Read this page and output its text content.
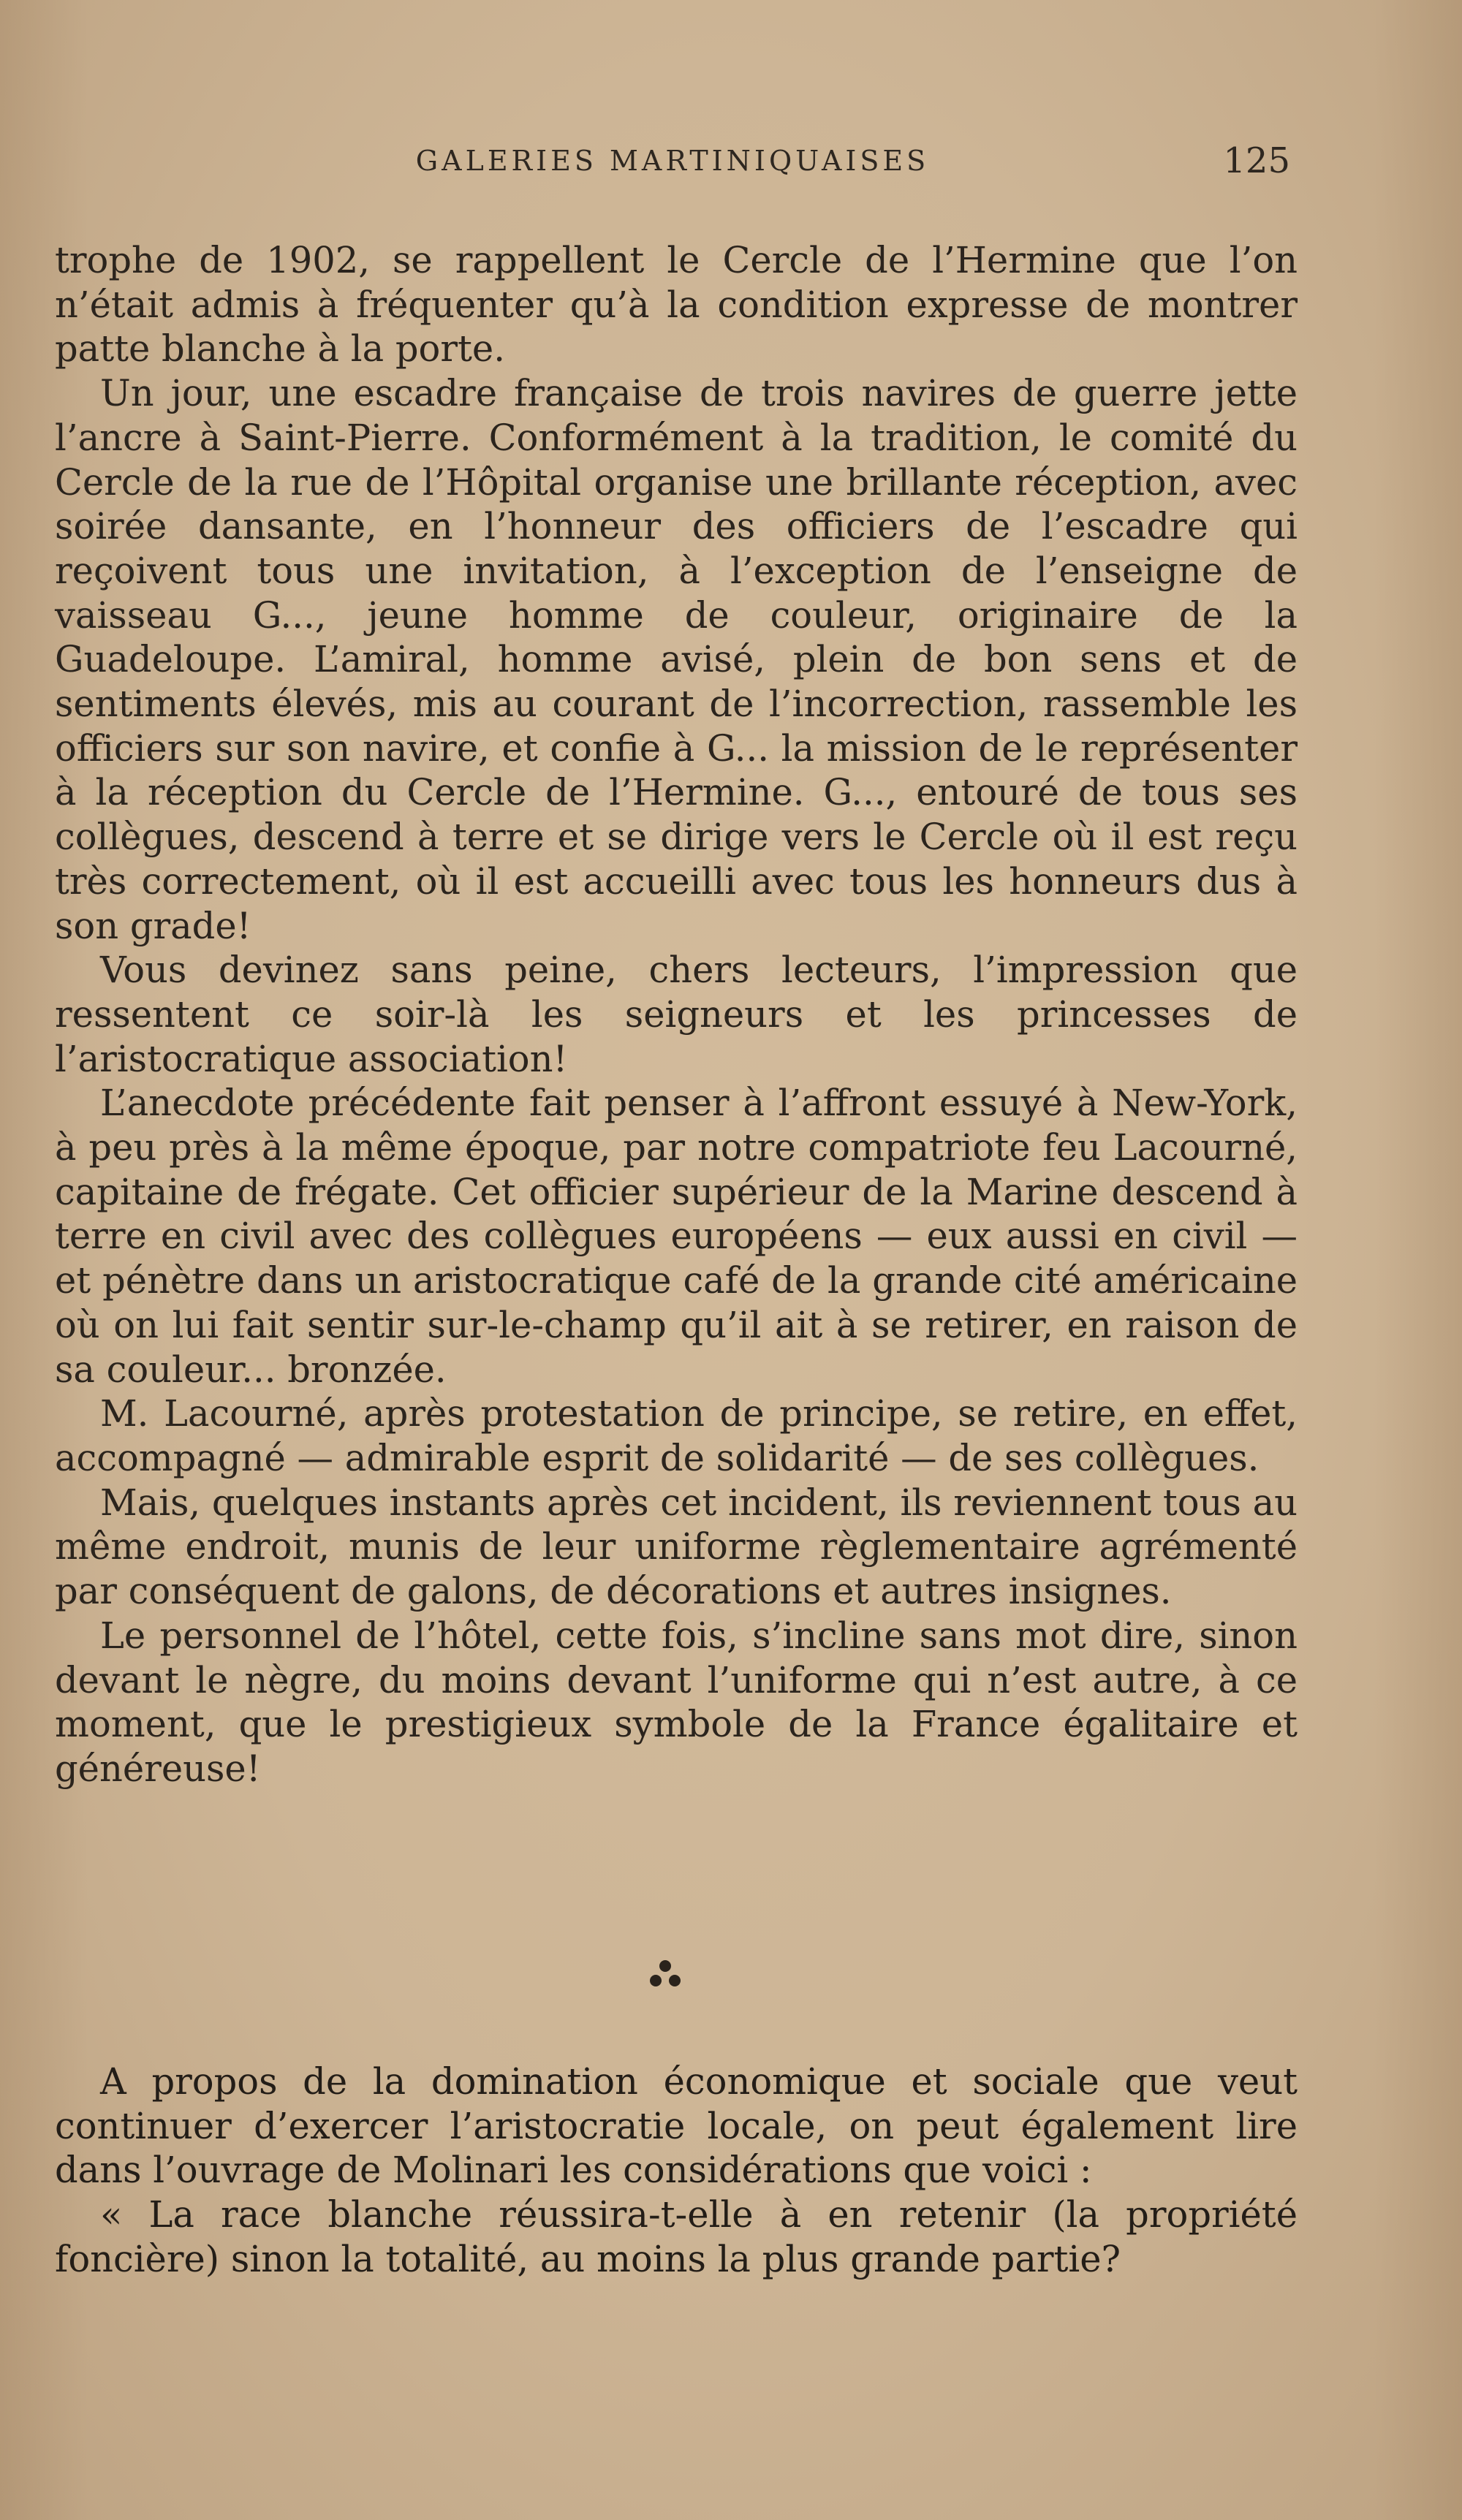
GALERIES MARTINIQUAISES	125

trophe de 1902, se rappellent le Cercle de l’Hermine que l’on n’était admis à fréquenter qu’à la condition expresse de montrer patte blanche à la porte.

Un jour, une escadre française de trois navires de guerre jette l’ancre à Saint-Pierre. Conformément à la tradition, le comité du Cercle de la rue de l’Hôpital organise une brillante réception, avec soirée dansante, en l’honneur des officiers de l’escadre qui reçoivent tous une invitation, à l’exception de l’enseigne de vaisseau G..., jeune homme de couleur, originaire de la Guadeloupe. L’amiral, homme avisé, plein de bon sens et de sentiments élevés, mis au courant de l’incorrection, rassemble les officiers sur son navire, et confie à G... la mission de le représenter à la réception du Cercle de l’Hermine. G..., entouré de tous ses collègues, descend à terre et se dirige vers le Cercle où il est reçu très correctement, où il est accueilli avec tous les honneurs dus à son grade!

Vous devinez sans peine, chers lecteurs, l’impression que ressentent ce soir-là les seigneurs et les princesses de l’aristocratique association!

L’anecdote précédente fait penser à l’affront essuyé à New-York, à peu près à la même époque, par notre compatriote feu Lacourné, capitaine de frégate. Cet officier supérieur de la Marine descend à terre en civil avec des collègues européens — eux aussi en civil — et pénètre dans un aristocratique café de la grande cité américaine où on lui fait sentir sur-le-champ qu’il ait à se retirer, en raison de sa couleur... bronzée.

M. Lacourné, après protestation de principe, se retire, en effet, accompagné — admirable esprit de solidarité — de ses collègues.

Mais, quelques instants après cet incident, ils reviennent tous au même endroit, munis de leur uniforme règlementaire agrémenté par conséquent de galons, de décorations et autres insignes.

Le personnel de l’hôtel, cette fois, s’incline sans mot dire, sinon devant le nègre, du moins devant l’uniforme qui n’est autre, à ce moment, que le prestigieux symbole de la France égalitaire et généreuse!

A propos de la domination économique et sociale que veut continuer d’exercer l’aristocratie locale, on peut également lire dans l’ouvrage de Molinari les considérations que voici :

« La race blanche réussira-t-elle à en retenir (la propriété foncière) sinon la totalité, au moins la plus grande partie?
